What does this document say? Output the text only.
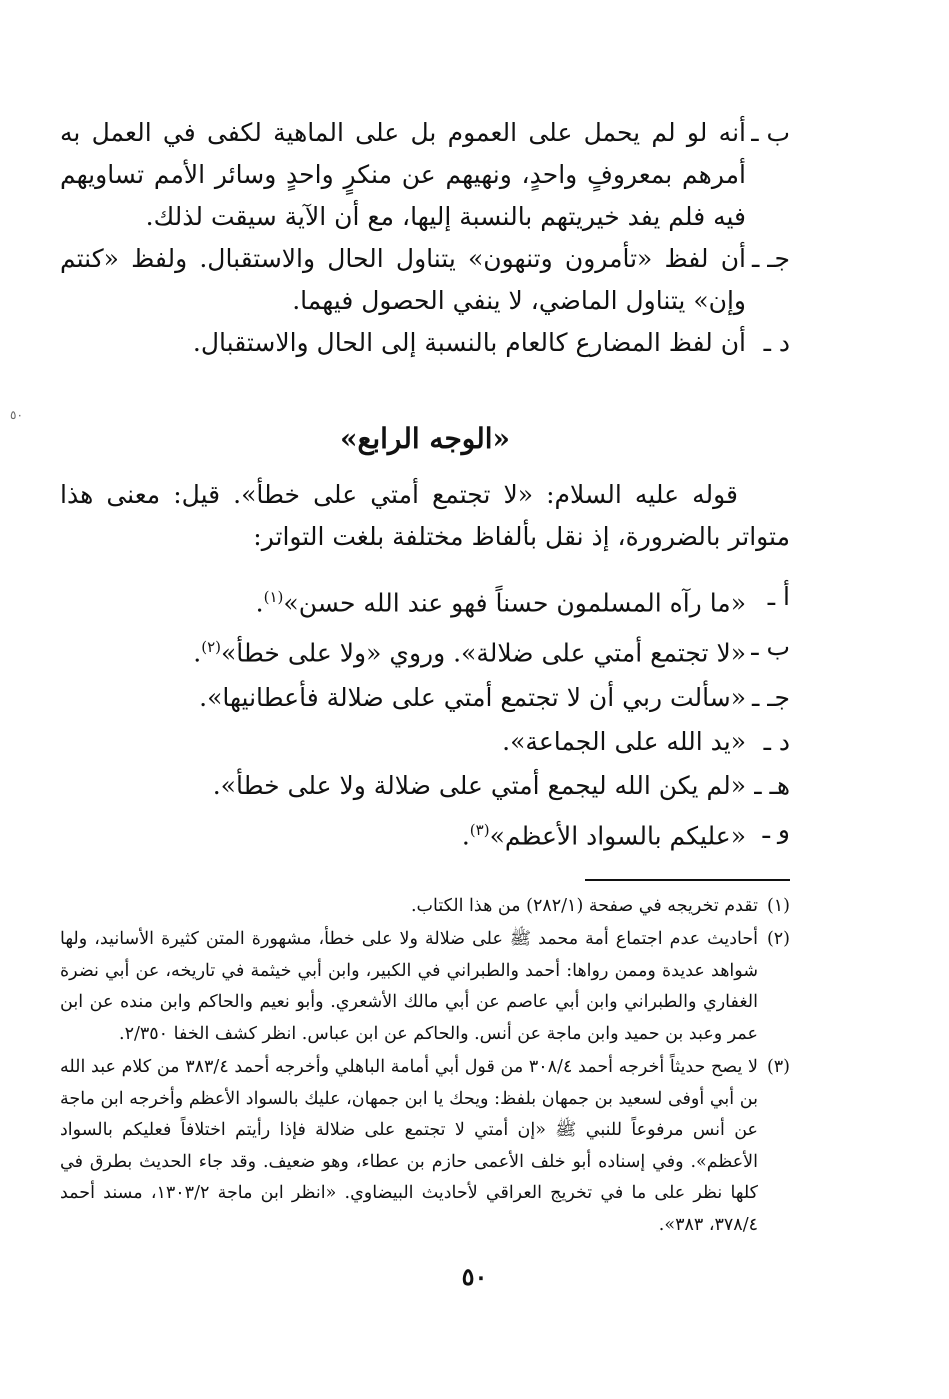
٥٠

ب ـ
أنه لو لم يحمل على العموم بل على الماهية لكفى في العمل به أمرهم بمعروفٍ واحدٍ، ونهيهم عن منكرٍ واحدٍ وسائر الأمم تساويهم فيه فلم يفد خيريتهم بالنسبة إليها، مع أن الآية سيقت لذلك.

جـ ـ
أن لفظ «تأمرون وتنهون» يتناول الحال والاستقبال. ولفظ «كنتم وإن» يتناول الماضي، لا ينفي الحصول فيهما.

د ـ
أن لفظ المضارع كالعام بالنسبة إلى الحال والاستقبال.

«الوجه الرابع»

قوله عليه السلام: «لا تجتمع أمتي على خطأ». قيل: معنى هذا متواتر بالضرورة، إذ نقل بألفاظ مختلفة بلغت التواتر:

أ ـ
«ما رآه المسلمون حسناً فهو عند الله حسن»$^{(١)}$.

ب ـ
«لا تجتمع أمتي على ضلالة». وروي «ولا على خطأ»$^{(٢)}$.

جـ ـ
«سألت ربي أن لا تجتمع أمتي على ضلالة فأعطانيها».

د ـ
«يد الله على الجماعة».

هـ ـ
«لم يكن الله ليجمع أمتي على ضلالة ولا على خطأ».

و ـ
«عليكم بالسواد الأعظم»$^{(٣)}$.

(١)
تقدم تخريجه في صفحة (٢٨٢/١) من هذا الكتاب.

(٢)
أحاديث عدم اجتماع أمة محمد ﷺ على ضلالة ولا على خطأ، مشهورة المتن كثيرة الأسانيد، ولها شواهد عديدة وممن رواها: أحمد والطبراني في الكبير، وابن أبي خيثمة في تاريخه، عن أبي نضرة الغفاري والطبراني وابن أبي عاصم عن أبي مالك الأشعري. وأبو نعيم والحاكم وابن منده عن ابن عمر وعبد بن حميد وابن ماجة عن أنس. والحاكم عن ابن عباس. انظر كشف الخفا ٢/٣٥٠.

(٣)
لا يصح حديثاً أخرجه أحمد ٣٠٨/٤ من قول أبي أمامة الباهلي وأخرجه أحمد ٣٨٣/٤ من كلام عبد الله بن أبي أوفى لسعيد بن جمهان بلفظ: ويحك يا ابن جمهان، عليك بالسواد الأعظم وأخرجه ابن ماجة عن أنس مرفوعاً للنبي ﷺ «إن أمتي لا تجتمع على ضلالة فإذا رأيتم اختلافاً فعليكم بالسواد الأعظم». وفي إسناده أبو خلف الأعمى حازم بن عطاء، وهو ضعيف. وقد جاء الحديث بطرق في كلها نظر على ما في تخريج العراقي لأحاديث البيضاوي. «انظر ابن ماجة ١٣٠٣/٢، مسند أحمد ٣٧٨/٤، ٣٨٣».

٥٠
